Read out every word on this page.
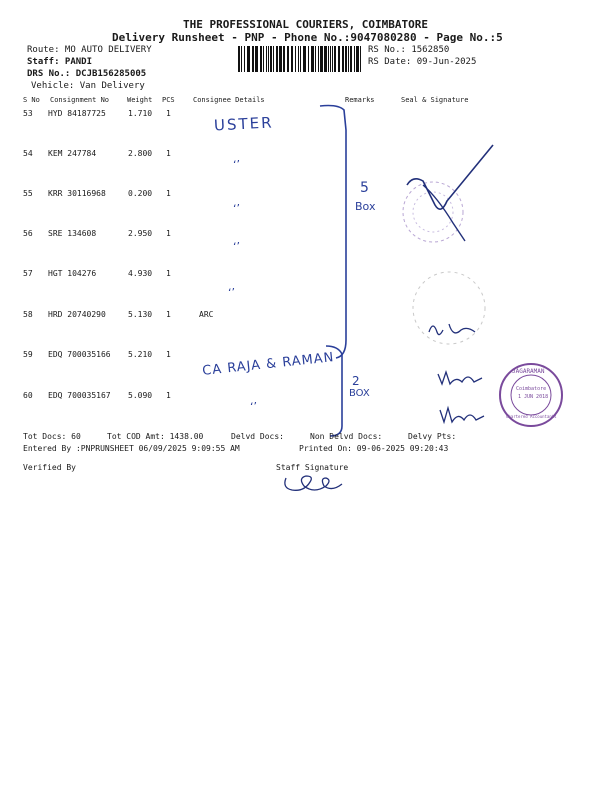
THE PROFESSIONAL COURIERS, COIMBATORE
Delivery Runsheet - PNP - Phone No.:9047080280 - Page No.:5
Route: MO AUTO DELIVERY
Staff: PANDI
DRS No.: DCJB156285005
Vehicle: Van Delivery
RS No.: 1562850
RS Date: 09-Jun-2025
S No Consignment No	Weight PCS	Consignee Details	Remarks	Seal & Signature
53 HYD 84187725	1.710 1
54 KEM 247784	2.800 1
55 KRR 30116968	0.200 1
56 SRE 134608	2.950 1
57 HGT 104276	4.930 1
58 HRD 20740290	5.130 1	ARC
59 EDQ 700035166 5.210 1
60 EDQ 700035167 5.090 1
USTER
CA RAJA & RAMAN
ʻʼ
ʻʼ
ʻʼ
ʻʼ
ʻʼ
5
Box
2
BOX
JAGARAMAN
Coimbatore
1 JUN 2018
Chartered Accountants
Tot Docs: 60	Tot COD Amt: 1438.00	Delvd Docs:	Non Delvd Docs:	Delvy Pts:
Entered By :PNPRUNSHEET 06/09/2025 9:09:55 AM	Printed On: 09-06-2025 09:20:43
Verified By	Staff Signature
